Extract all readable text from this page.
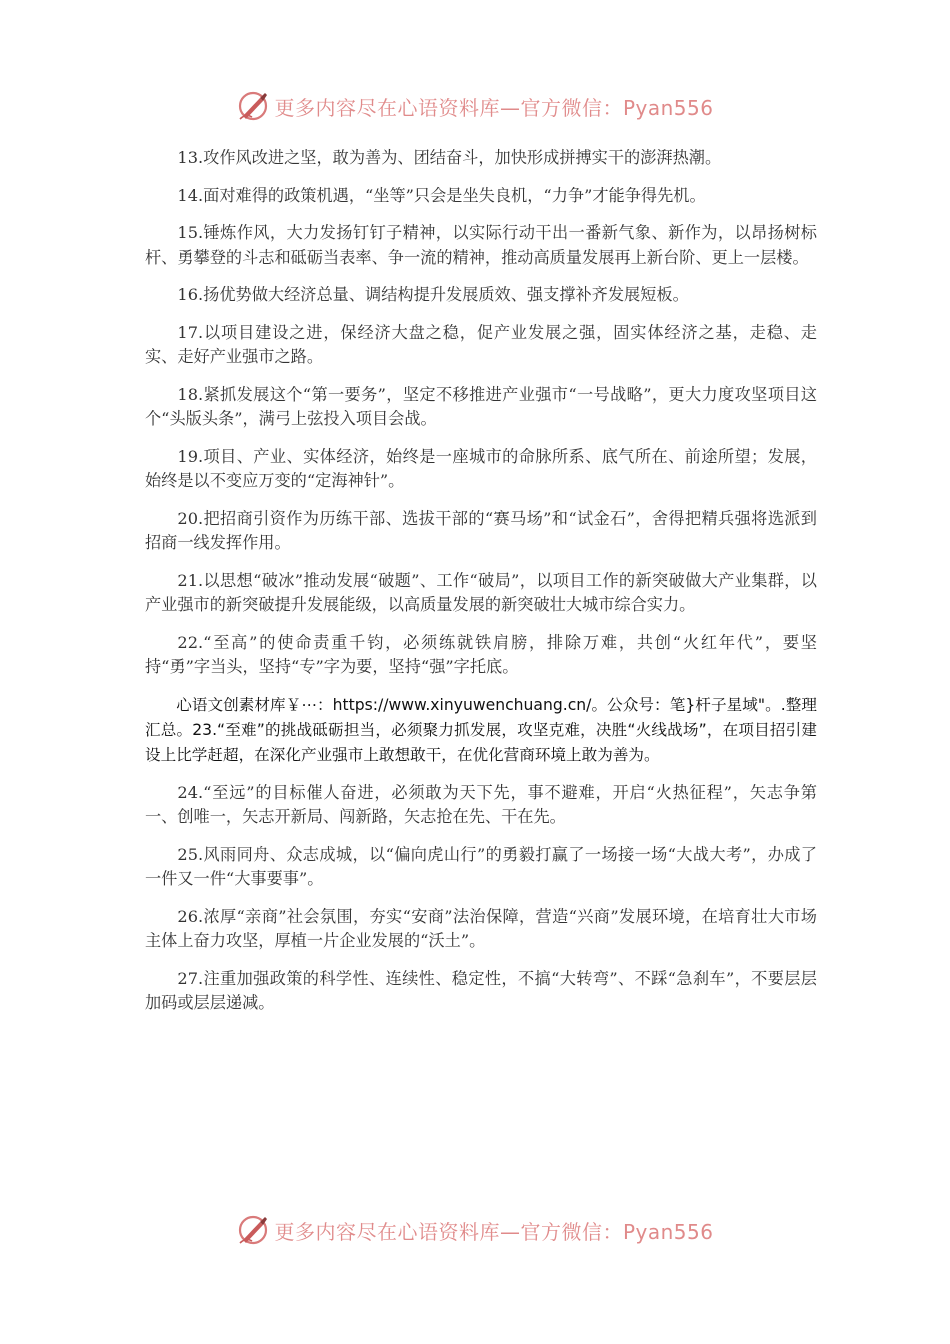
更多内容尽在心语资料库—官方微信：Pyan556

13.攻作风改进之坚，敢为善为、团结奋斗，加快形成拼搏实干的澎湃热潮。

14.面对难得的政策机遇，“坐等”只会是坐失良机，“力争”才能争得先机。

15.锤炼作风，大力发扬钉钉子精神，以实际行动干出一番新气象、新作为，以昂扬树标杆、勇攀登的斗志和砥砺当表率、争一流的精神，推动高质量发展再上新台阶、更上一层楼。

16.扬优势做大经济总量、调结构提升发展质效、强支撑补齐发展短板。

17.以项目建设之进，保经济大盘之稳，促产业发展之强，固实体经济之基，走稳、走实、走好产业强市之路。

18.紧抓发展这个“第一要务”，坚定不移推进产业强市“一号战略”，更大力度攻坚项目这个“头版头条”，满弓上弦投入项目会战。

19.项目、产业、实体经济，始终是一座城市的命脉所系、底气所在、前途所望；发展，始终是以不变应万变的“定海神针”。

20.把招商引资作为历练干部、选拔干部的“赛马场”和“试金石”，舍得把精兵强将选派到招商一线发挥作用。

21.以思想“破冰”推动发展“破题”、工作“破局”，以项目工作的新突破做大产业集群，以产业强市的新突破提升发展能级，以高质量发展的新突破壮大城市综合实力。

22.“至高”的使命责重千钧，必须练就铁肩膀，排除万难，共创“火红年代”，要坚持“勇”字当头，坚持“专”字为要，坚持“强”字托底。

心语文创素材库￥⋯：https://www.xinyuwenchuang.cn/。公众号：笔}杆子星域"。.整理汇总。23.“至难”的挑战砥砺担当，必须聚力抓发展，攻坚克难，决胜“火线战场”，在项目招引建设上比学赶超，在深化产业强市上敢想敢干，在优化营商环境上敢为善为。

24.“至远”的目标催人奋进，必须敢为天下先，事不避难，开启“火热征程”，矢志争第一、创唯一，矢志开新局、闯新路，矢志抢在先、干在先。

25.风雨同舟、众志成城，以“偏向虎山行”的勇毅打赢了一场接一场“大战大考”，办成了一件又一件“大事要事”。

26.浓厚“亲商”社会氛围，夯实“安商”法治保障，营造“兴商”发展环境，在培育壮大市场主体上奋力攻坚，厚植一片企业发展的“沃土”。

27.注重加强政策的科学性、连续性、稳定性，不搞“大转弯”、不踩“急刹车”，不要层层加码或层层递减。

更多内容尽在心语资料库—官方微信：Pyan556
